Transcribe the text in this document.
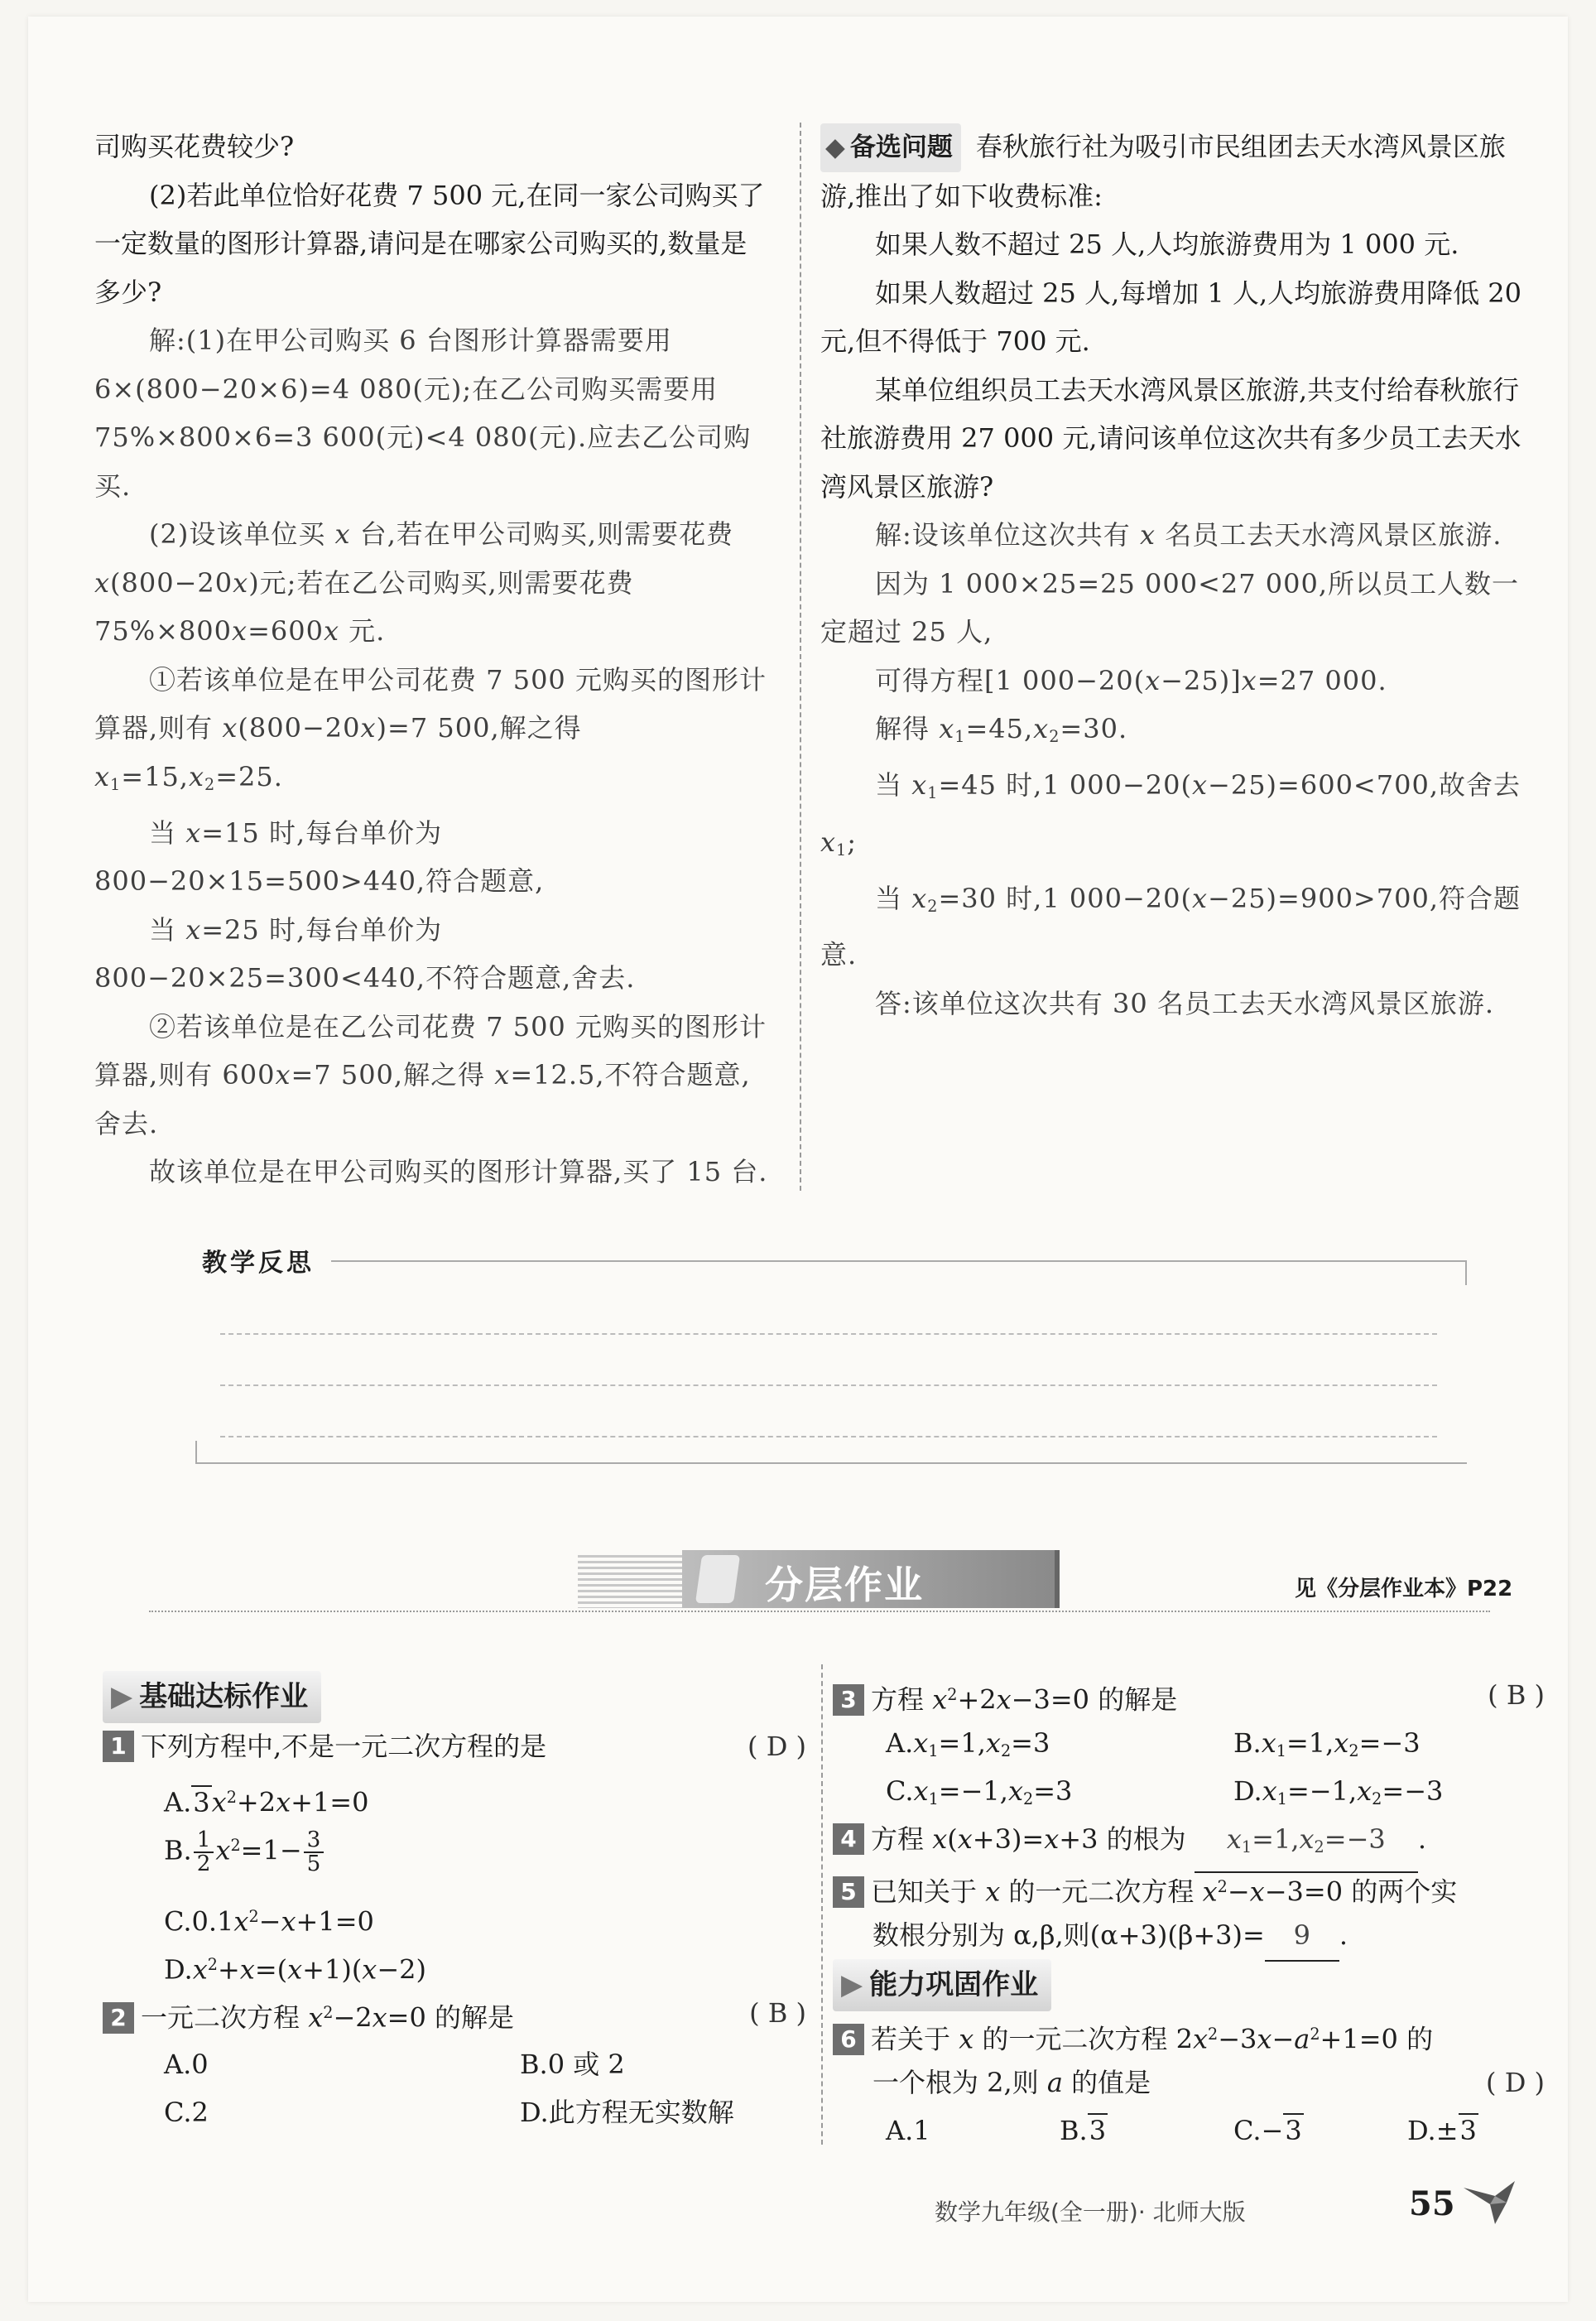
司购买花费较少?

(2)若此单位恰好花费 7 500 元,在同一家公司购买了一定数量的图形计算器,请问是在哪家公司购买的,数量是多少?

解:(1)在甲公司购买 6 台图形计算器需要用 6×(800−20×6)=4 080(元);在乙公司购买需要用 75%×800×6=3 600(元)<4 080(元).应去乙公司购买.

(2)设该单位买 x 台,若在甲公司购买,则需要花费 x(800−20x)元;若在乙公司购买,则需要花费 75%×800x=600x 元.

①若该单位是在甲公司花费 7 500 元购买的图形计算器,则有 x(800−20x)=7 500,解之得 $x_1=15,x_2=25$.

当 x=15 时,每台单价为 800−20×15=500>440,符合题意,

当 x=25 时,每台单价为 800−20×25=300<440,不符合题意,舍去.

②若该单位是在乙公司花费 7 500 元购买的图形计算器,则有 600x=7 500,解之得 x=12.5,不符合题意,舍去.

故该单位是在甲公司购买的图形计算器,买了 15 台.

◆ 备选问题 春秋旅行社为吸引市民组团去天水湾风景区旅游,推出了如下收费标准:

如果人数不超过 25 人,人均旅游费用为 1 000 元.

如果人数超过 25 人,每增加 1 人,人均旅游费用降低 20 元,但不得低于 700 元.

某单位组织员工去天水湾风景区旅游,共支付给春秋旅行社旅游费用 27 000 元,请问该单位这次共有多少员工去天水湾风景区旅游?

解:设该单位这次共有 x 名员工去天水湾风景区旅游.

因为 1 000×25=25 000<27 000,所以员工人数一定超过 25 人,

可得方程[1 000−20(x−25)]x=27 000.

解得 $x_1=45,x_2=30$.

当 $x_1=45$ 时,1 000−20(x−25)=600<700,故舍去 $x_1$;

当 $x_2=30$ 时,1 000−20(x−25)=900>700,符合题意.

答:该单位这次共有 30 名员工去天水湾风景区旅游.

教学反思
分层作业	见《分层作业本》P22
▶ 基础达标作业
1 下列方程中,不是一元二次方程的是	( D )
$A.3x^2+2x+1=0$
B. $\frac{1}{2} x^2=1- \frac{3}{5}$
$C.0.1x^2-x+1=0$
$D.x^2+x=(x+1)(x-2)$
2 一元二次方程 $x^2-2x=0$ 的解是	( B )
A.0	B.0 或 2
C.2	D.此方程无实数解
3 方程 $x^2+2x-3=0$ 的解是	( B )
$A.x_1=1,x_2=3$	$B.x_1=1,x_2=-3$
$C.x_1=-1,x_2=3$	$D.x_1=-1,x_2=-3$
4 方程 x(x+3)=x+3 的根为 $x_1=1,x_2=-3$ .
5 已知关于 x 的一元二次方程 $x^2-x-3=0$ 的两个实
数根分别为 α,β,则(α+3)(β+3)= 9 .
▶ 能力巩固作业
6 若关于 x 的一元二次方程 $2x^2-3x-a^2+1=0$ 的
一个根为 2,则 a 的值是	( D )
A.1	B.3	C.−3	D.±3
数学九年级(全一册)· 北师大版	55
